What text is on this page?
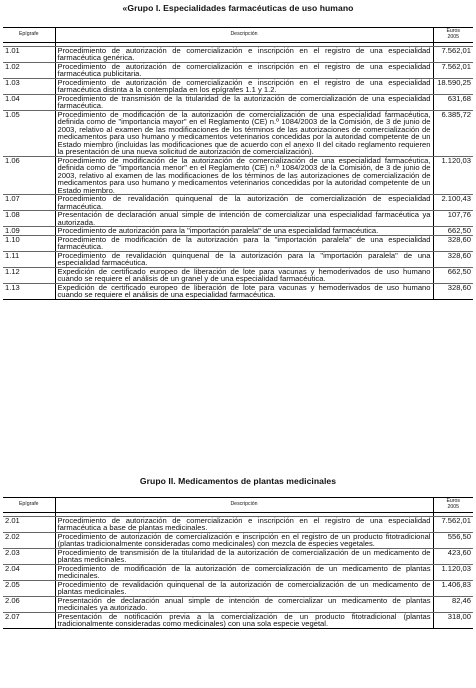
«Grupo I. Especialidades farmacéuticas de uso humano
Epígrafe	Descripción	Euros
2005

1.01	Procedimiento de autorización de comercialización e inscripción en el registro de una especialidad farmacéutica genérica.	7.562,01
1.02	Procedimiento de autorización de comercialización e inscripción en el registro de una especialidad farmacéutica publicitaria.	7.562,01
1.03	Procedimiento de autorización de comercialización e inscripción en el registro de una especialidad farmacéutica distinta a la contemplada en los epígrafes 1.1 y 1.2.	18.590,25
1.04	Procedimiento de transmisión de la titularidad de la autorización de comercialización de una especialidad farmacéutica.	631,68
1.05	Procedimiento de modificación de la autorización de comercialización de una especialidad farmacéutica, definida como de "importancia mayor" en el Reglamento (CE) n.º 1084/2003 de la Comisión, de 3 de junio de 2003, relativo al examen de las modificaciones de los términos de las autorizaciones de comercialización de medicamentos para uso humano y medicamentos veterinarios concedidas por la autoridad competente de un Estado miembro (incluidas las modificaciones que de acuerdo con el anexo II del citado reglamento requieren la presentación de una nueva solicitud de autorización de comercialización).	6.385,72
1.06	Procedimiento de modificación de la autorización de comercialización de una especialidad farmacéutica, definida como de "importancia menor" en el Reglamento (CE) n.º 1084/2003 de la Comisión, de 3 de junio de 2003, relativo al examen de las modificaciones de los términos de las autorizaciones de comercialización de medicamentos para uso humano y medicamentos veterinarios concedidas por la autoridad competente de un Estado miembro.	1.120,03
1.07	Procedimiento de revalidación quinquenal de la autorización de comercialización de especialidad farmacéutica.	2.100,43
1.08	Presentación de declaración anual simple de intención de comercializar una especialidad farmacéutica ya autorizada.	107,76
1.09	Procedimiento de autorización para la "importación paralela" de una especialidad farmacéutica.	662,50
1.10	Procedimiento de modificación de la autorización para la "importación paralela" de una especialidad farmacéutica.	328,60
1.11	Procedimiento de revalidación quinquenal de la autorización para la "importación paralela" de una especialidad farmacéutica.	328,60
1.12	Expedición de certificado europeo de liberación de lote para vacunas y hemoderivados de uso humano cuando se requiere el análisis de un granel y de una especialidad farmacéutica.	662,50
1.13	Expedición de certificado europeo de liberación de lote para vacunas y hemoderivados de uso humano cuando se requiere el análisis de una especialidad farmacéutica.	328,60
Grupo II. Medicamentos de plantas medicinales
Epígrafe	Descripción	Euros
2005

2.01	Procedimiento de autorización de comercialización e inscripción en el registro de una especialidad farmacéutica a base de plantas medicinales.	7.562,01
2.02	Procedimiento de autorización de comercialización e inscripción en el registro de un producto fitotradicional (plantas tradicionalmente consideradas como medicinales) con mezcla de especies vegetales.	556,50
2.03	Procedimiento de transmisión de la titularidad de la autorización de comercialización de un medicamento de plantas medicinales.	423,60
2.04	Procedimiento de modificación de la autorización de comercialización de un medicamento de plantas medicinales.	1.120,03
2.05	Procedimiento de revalidación quinquenal de la autorización de comercialización de un medicamento de plantas medicinales.	1.406,83
2.06	Presentación de declaración anual simple de intención de comercializar un medicamento de plantas medicinales ya autorizado.	82,46
2.07	Presentación de notificación previa a la comercialización de un producto fitotradicional (plantas tradicionalmente consideradas como medicinales) con una sola especie vegetal.	318,00
